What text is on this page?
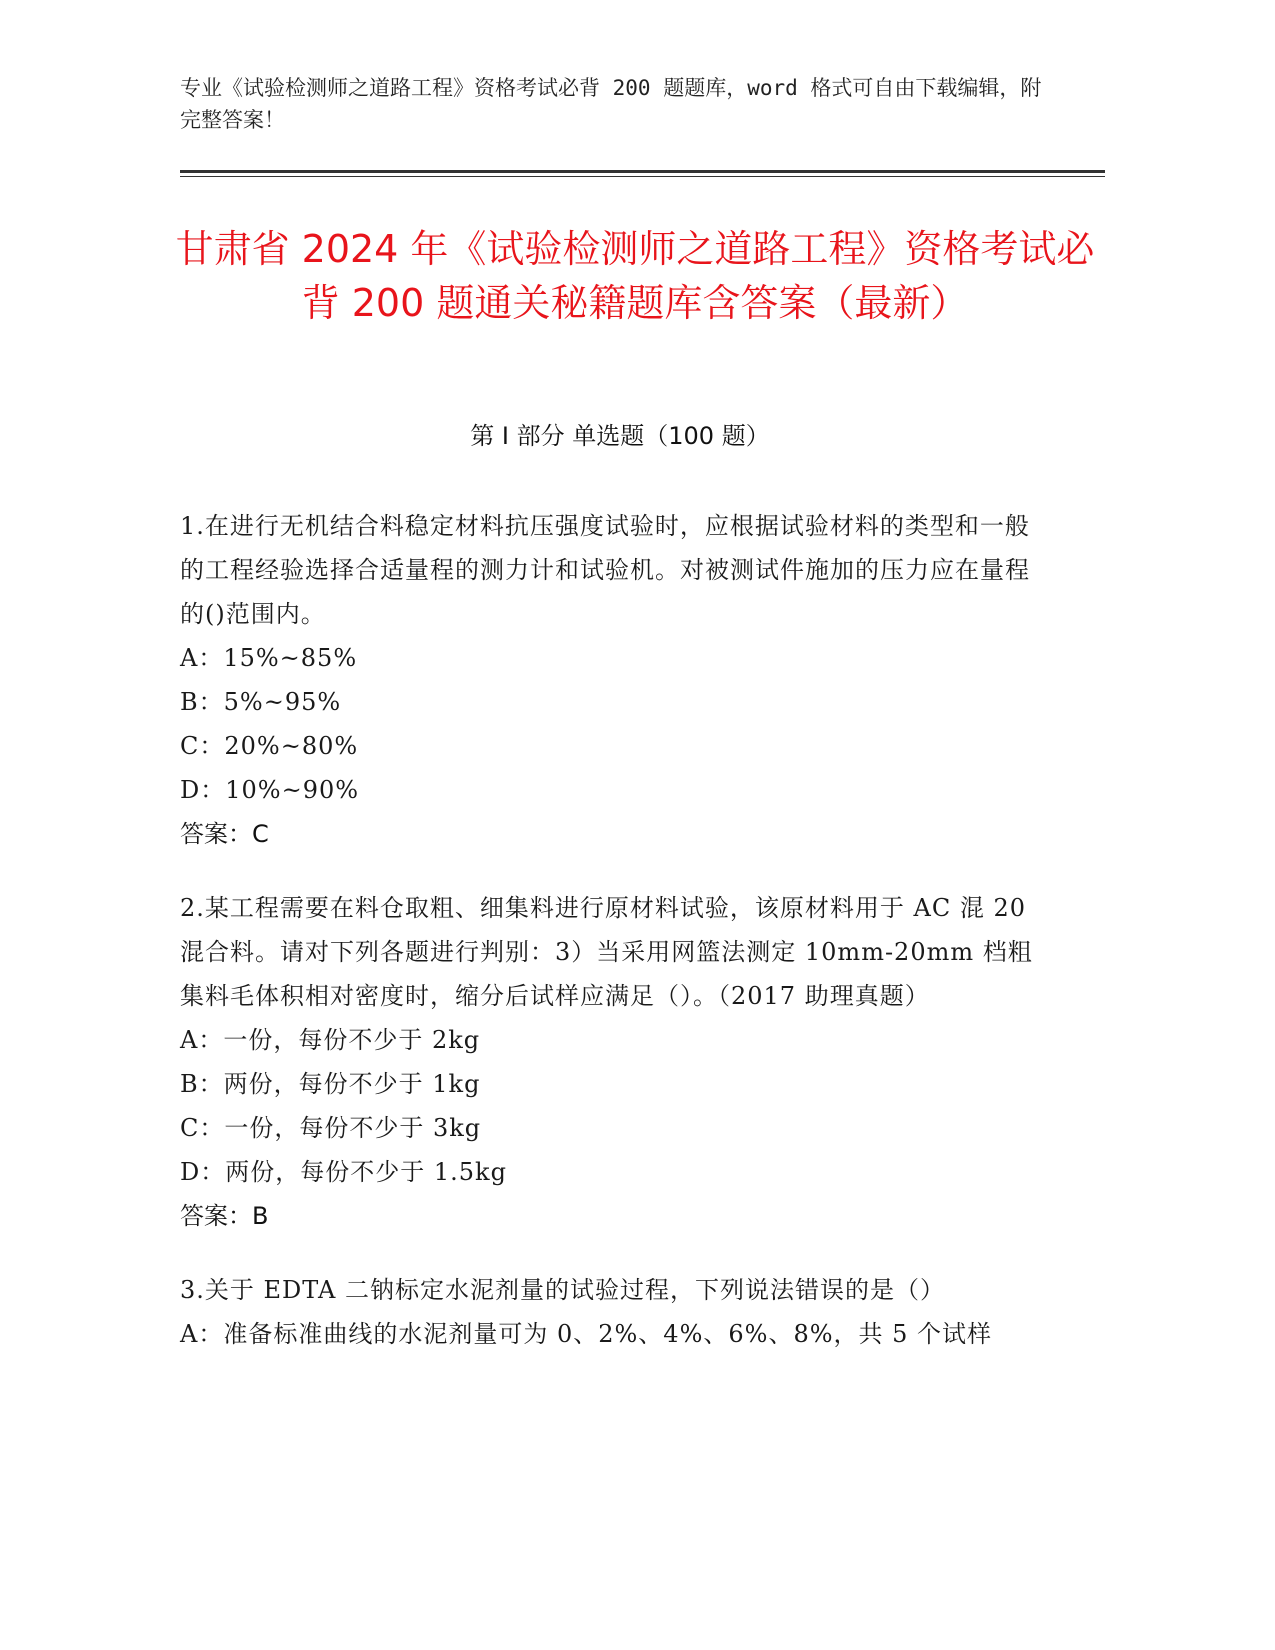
专业《试验检测师之道路工程》资格考试必背 200 题题库，word 格式可自由下载编辑，附完整答案！
甘肃省 2024 年《试验检测师之道路工程》资格考试必背 200 题通关秘籍题库含答案（最新）
第 I 部分 单选题（100 题）
1.在进行无机结合料稳定材料抗压强度试验时，应根据试验材料的类型和一般的工程经验选择合适量程的测力计和试验机。对被测试件施加的压力应在量程的()范围内。
A：15%~85%
B：5%~95%
C：20%~80%
D：10%~90%
答案：C
2.某工程需要在料仓取粗、细集料进行原材料试验，该原材料用于 AC 混 20 混合料。请对下列各题进行判别：3）当采用网篮法测定 10mm-20mm 档粗集料毛体积相对密度时，缩分后试样应满足（）。（2017 助理真题）
A：一份，每份不少于 2kg
B：两份，每份不少于 1kg
C：一份，每份不少于 3kg
D：两份，每份不少于 1.5kg
答案：B
3.关于 EDTA 二钠标定水泥剂量的试验过程，下列说法错误的是（）
A：准备标准曲线的水泥剂量可为 0、2%、4%、6%、8%，共 5 个试样
